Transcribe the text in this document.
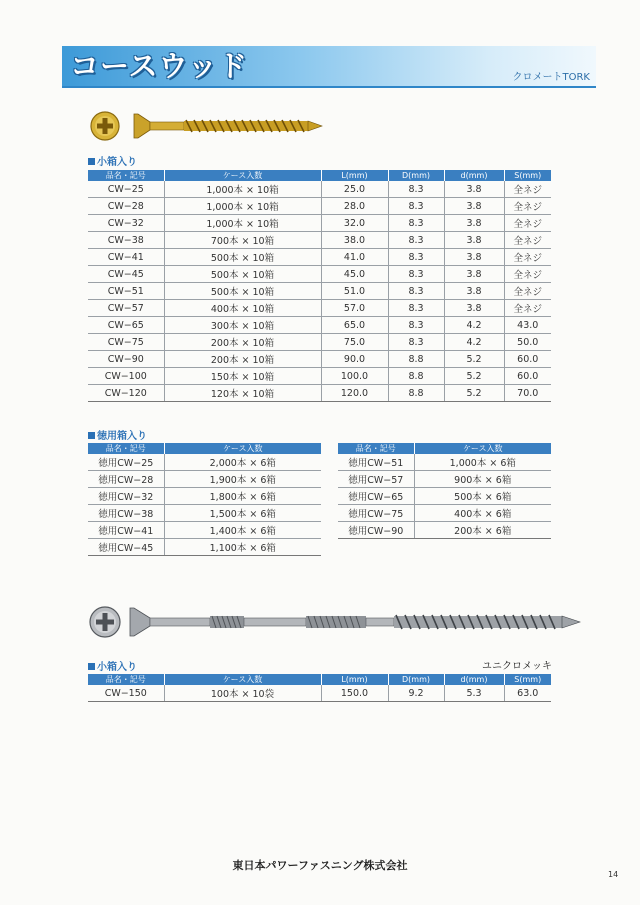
コースウッド	クロメートTORK
小箱入り
品名・記号	ケース入数	L(mm)	D(mm)	d(mm)	S(mm)
CW−25	1,000本 × 10箱	25.0	8.3	3.8	全ネジ
CW−28	1,000本 × 10箱	28.0	8.3	3.8	全ネジ
CW−32	1,000本 × 10箱	32.0	8.3	3.8	全ネジ
CW−38	700本 × 10箱	38.0	8.3	3.8	全ネジ
CW−41	500本 × 10箱	41.0	8.3	3.8	全ネジ
CW−45	500本 × 10箱	45.0	8.3	3.8	全ネジ
CW−51	500本 × 10箱	51.0	8.3	3.8	全ネジ
CW−57	400本 × 10箱	57.0	8.3	3.8	全ネジ
CW−65	300本 × 10箱	65.0	8.3	4.2	43.0
CW−75	200本 × 10箱	75.0	8.3	4.2	50.0
CW−90	200本 × 10箱	90.0	8.8	5.2	60.0
CW−100	150本 × 10箱	100.0	8.8	5.2	60.0
CW−120	120本 × 10箱	120.0	8.8	5.2	70.0
徳用箱入り
品名・記号	ケース入数
徳用CW−25	2,000本 × 6箱
徳用CW−28	1,900本 × 6箱
徳用CW−32	1,800本 × 6箱
徳用CW−38	1,500本 × 6箱
徳用CW−41	1,400本 × 6箱
徳用CW−45	1,100本 × 6箱
品名・記号	ケース入数
徳用CW−51	1,000本 × 6箱
徳用CW−57	900本 × 6箱
徳用CW−65	500本 × 6箱
徳用CW−75	400本 × 6箱
徳用CW−90	200本 × 6箱
小箱入り	ユニクロメッキ
品名・記号	ケース入数	L(mm)	D(mm)	d(mm)	S(mm)
CW−150	100本 × 10袋	150.0	9.2	5.3	63.0
東日本パワーファスニング株式会社
14
